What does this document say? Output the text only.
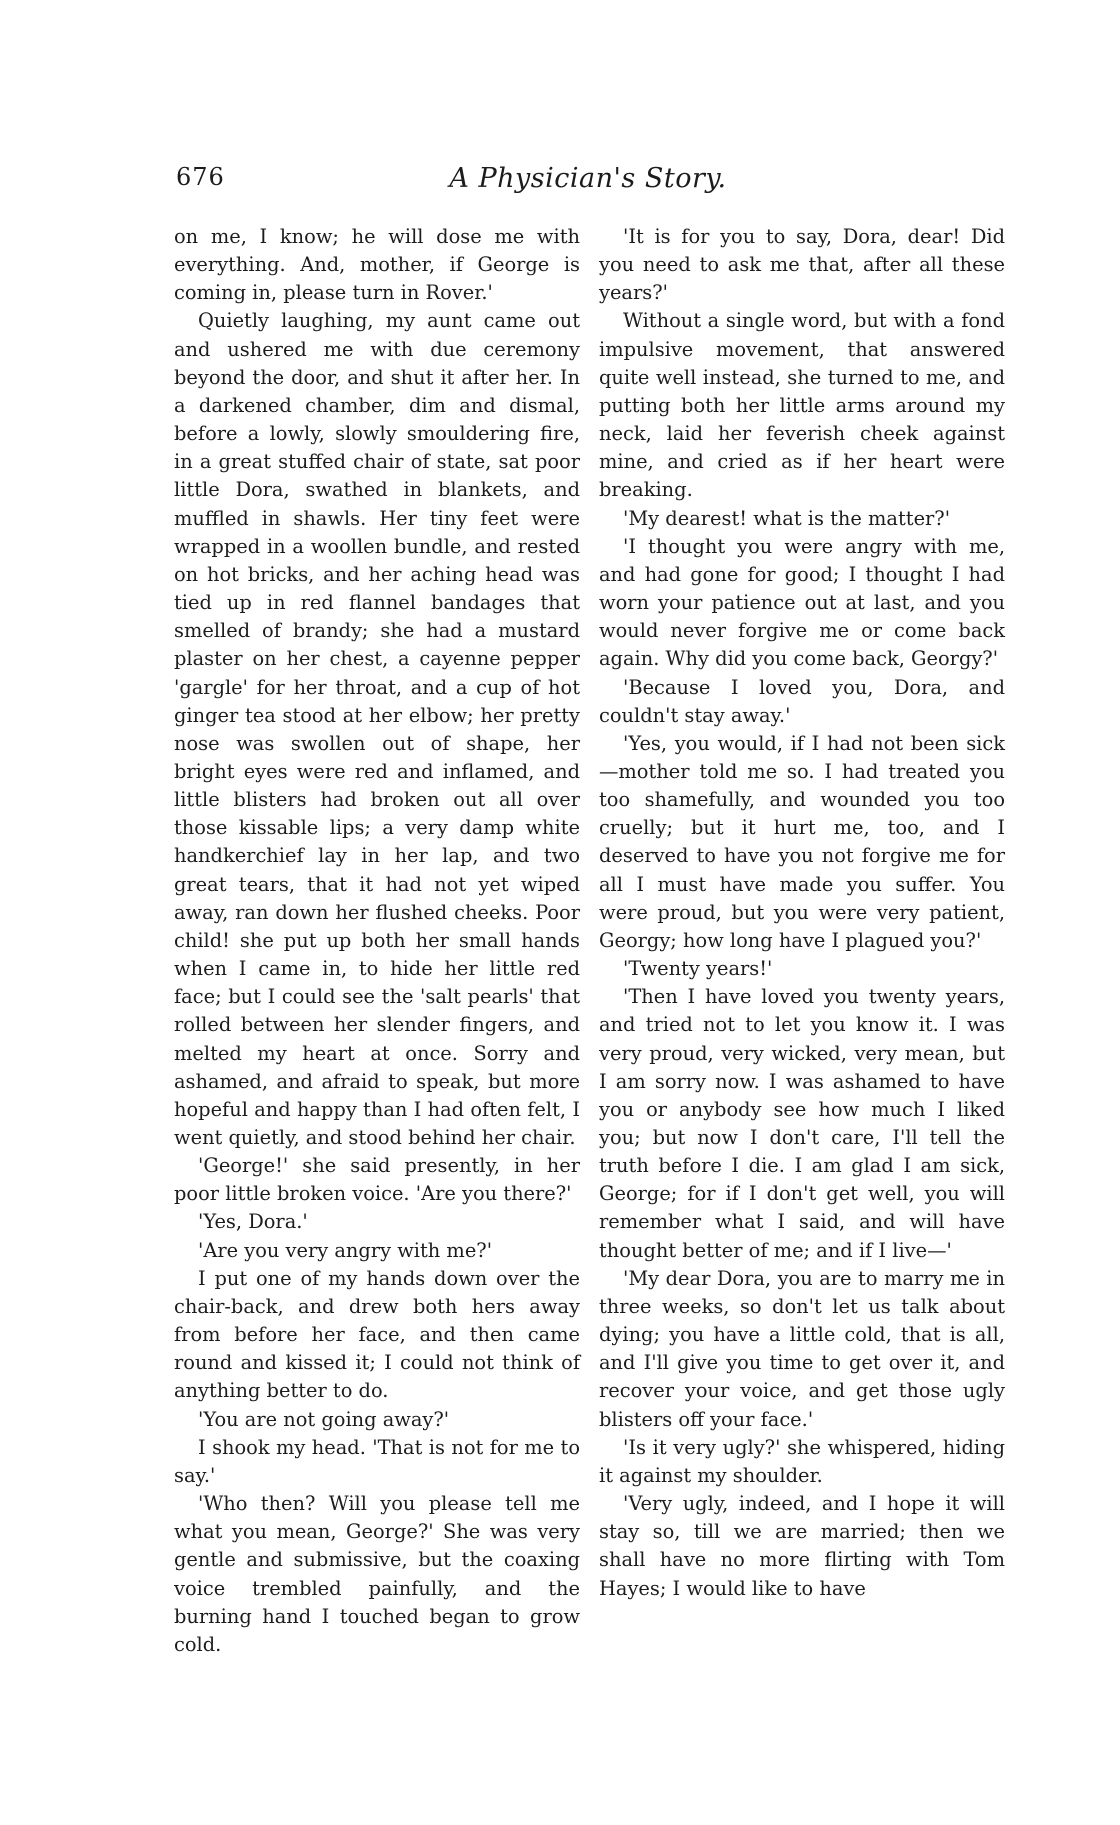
676	A Physician's Story.

on me, I know; he will dose me with everything. And, mother, if George is coming in, please turn in Rover.'

Quietly laughing, my aunt came out and ushered me with due ceremony beyond the door, and shut it after her. In a darkened chamber, dim and dismal, before a lowly, slowly smouldering fire, in a great stuffed chair of state, sat poor little Dora, swathed in blankets, and muffled in shawls. Her tiny feet were wrapped in a woollen bundle, and rested on hot bricks, and her aching head was tied up in red flannel bandages that smelled of brandy; she had a mustard plaster on her chest, a cayenne pepper 'gargle' for her throat, and a cup of hot ginger tea stood at her elbow; her pretty nose was swollen out of shape, her bright eyes were red and inflamed, and little blisters had broken out all over those kissable lips; a very damp white handkerchief lay in her lap, and two great tears, that it had not yet wiped away, ran down her flushed cheeks. Poor child! she put up both her small hands when I came in, to hide her little red face; but I could see the 'salt pearls' that rolled between her slender fingers, and melted my heart at once. Sorry and ashamed, and afraid to speak, but more hopeful and happy than I had often felt, I went quietly, and stood behind her chair.

'George!' she said presently, in her poor little broken voice. 'Are you there?'

'Yes, Dora.'

'Are you very angry with me?'

I put one of my hands down over the chair-back, and drew both hers away from before her face, and then came round and kissed it; I could not think of anything better to do.

'You are not going away?'

I shook my head. 'That is not for me to say.'

'Who then? Will you please tell me what you mean, George?' She was very gentle and submissive, but the coaxing voice trembled painfully, and the burning hand I touched began to grow cold.

'It is for you to say, Dora, dear! Did you need to ask me that, after all these years?'

Without a single word, but with a fond impulsive movement, that answered quite well instead, she turned to me, and putting both her little arms around my neck, laid her feverish cheek against mine, and cried as if her heart were breaking.

'My dearest! what is the matter?'

'I thought you were angry with me, and had gone for good; I thought I had worn your patience out at last, and you would never forgive me or come back again. Why did you come back, Georgy?'

'Because I loved you, Dora, and couldn't stay away.'

'Yes, you would, if I had not been sick—mother told me so. I had treated you too shamefully, and wounded you too cruelly; but it hurt me, too, and I deserved to have you not forgive me for all I must have made you suffer. You were proud, but you were very patient, Georgy; how long have I plagued you?'

'Twenty years!'

'Then I have loved you twenty years, and tried not to let you know it. I was very proud, very wicked, very mean, but I am sorry now. I was ashamed to have you or anybody see how much I liked you; but now I don't care, I'll tell the truth before I die. I am glad I am sick, George; for if I don't get well, you will remember what I said, and will have thought better of me; and if I live—'

'My dear Dora, you are to marry me in three weeks, so don't let us talk about dying; you have a little cold, that is all, and I'll give you time to get over it, and recover your voice, and get those ugly blisters off your face.'

'Is it very ugly?' she whispered, hiding it against my shoulder.

'Very ugly, indeed, and I hope it will stay so, till we are married; then we shall have no more flirting with Tom Hayes; I would like to have
